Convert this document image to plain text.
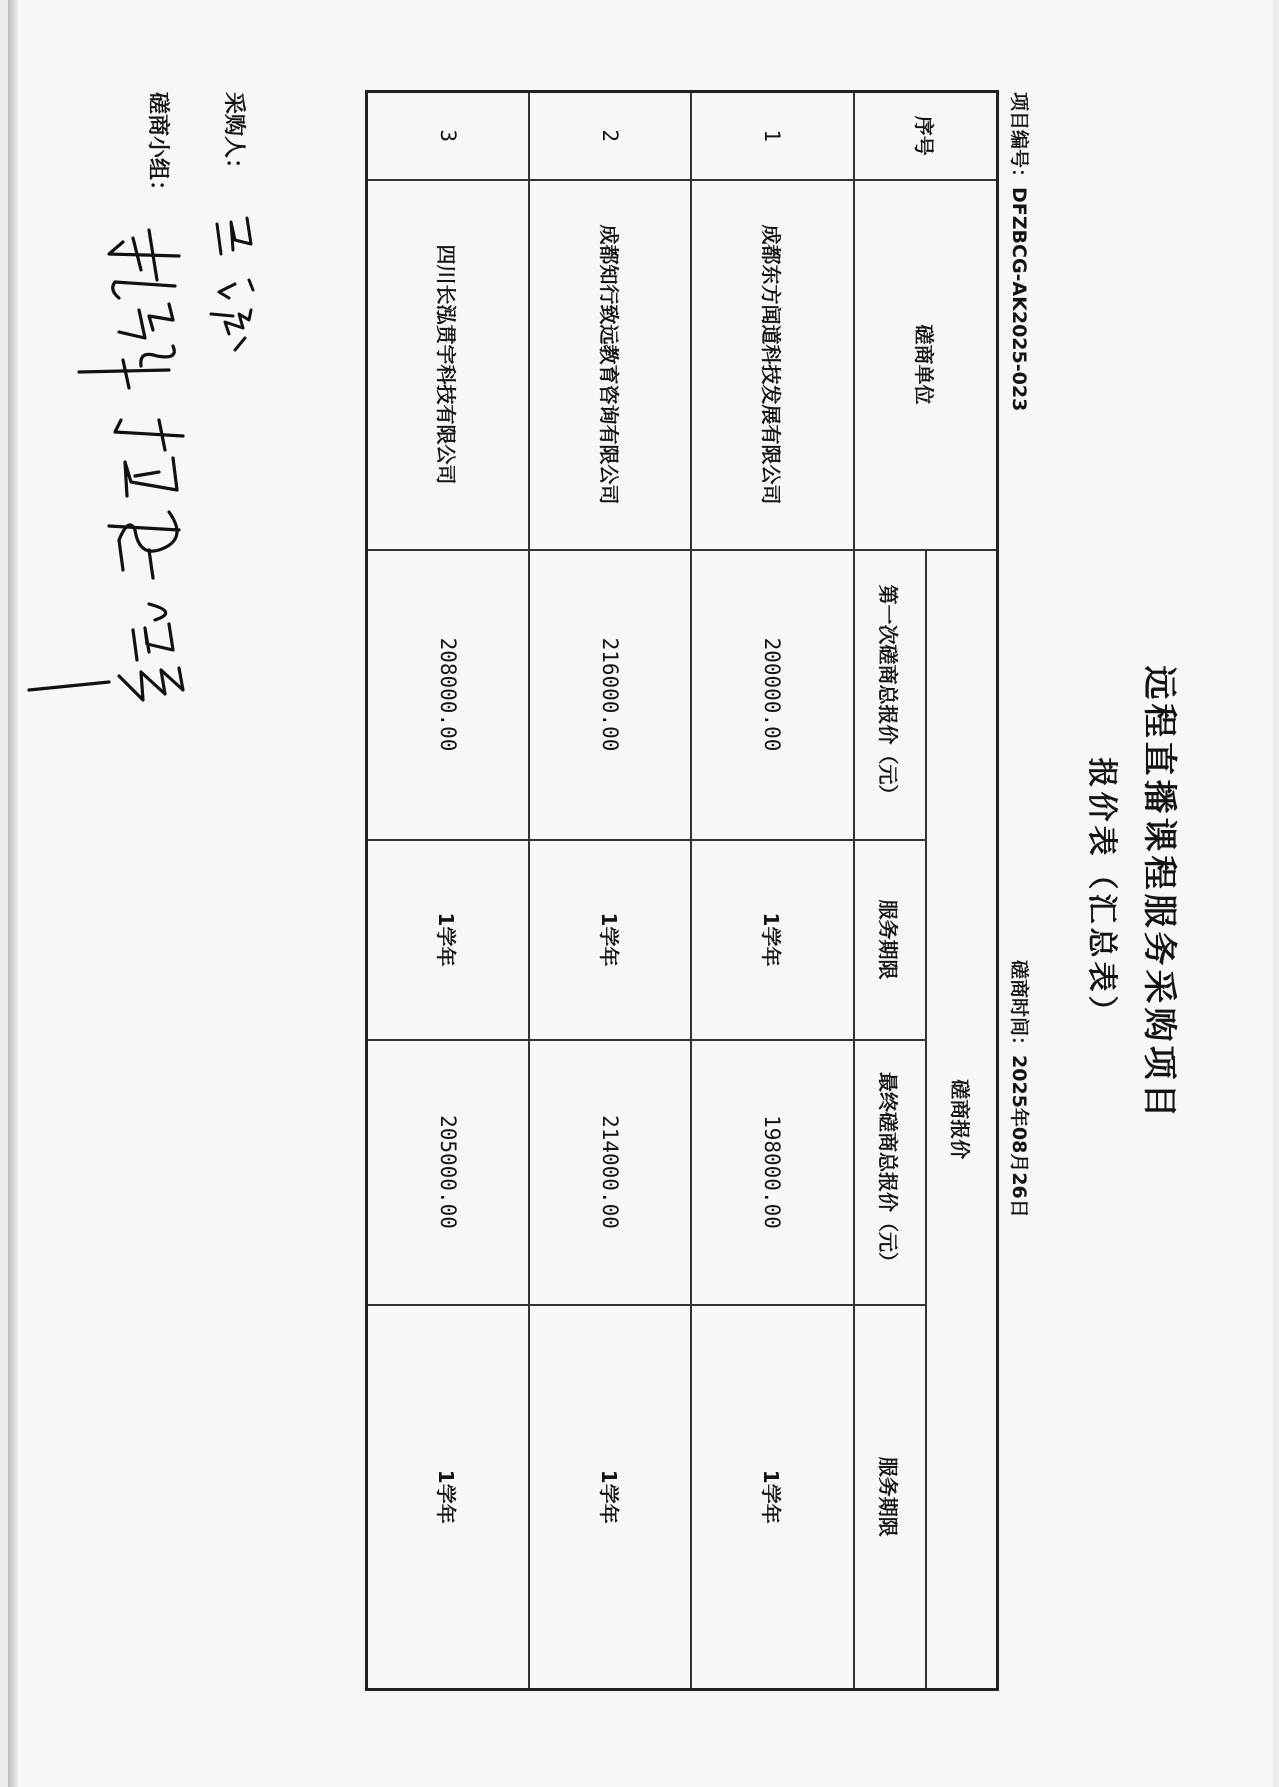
远程直播课程服务采购项目
报价表（汇总表）
项目编号：DFZBCG-AK2025-023
磋商时间：2025年08月26日
序号	磋商单位	磋商报价			
		第一次磋商总报价（元）	服务期限	最终磋商总报价（元）	服务期限
1	成都东方闻道科技发展有限公司	200000.00	1学年	198000.00	1学年
2	成都知行致远教育咨询有限公司	216000.00	1学年	214000.00	1学年
3	四川长泓贯宇科技有限公司	208000.00	1学年	205000.00	1学年
采购人：
磋商小组：
